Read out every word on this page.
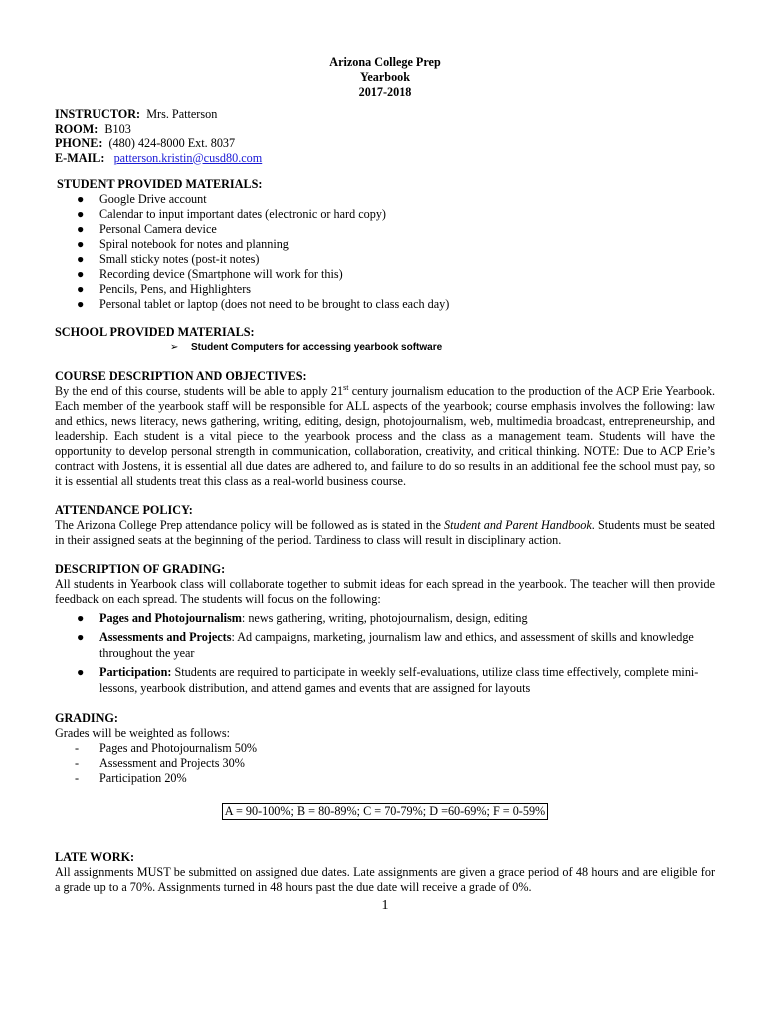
Arizona College Prep
Yearbook
2017-2018
INSTRUCTOR: Mrs. Patterson
ROOM: B103
PHONE: (480) 424-8000 Ext. 8037
E-MAIL: patterson.kristin@cusd80.com
STUDENT PROVIDED MATERIALS:
● Google Drive account
● Calendar to input important dates (electronic or hard copy)
● Personal Camera device
● Spiral notebook for notes and planning
● Small sticky notes (post-it notes)
● Recording device (Smartphone will work for this)
● Pencils, Pens, and Highlighters
● Personal tablet or laptop (does not need to be brought to class each day)
SCHOOL PROVIDED MATERIALS:
➢ Student Computers for accessing yearbook software
COURSE DESCRIPTION AND OBJECTIVES:

By the end of this course, students will be able to apply 21st century journalism education to the production of the ACP Erie Yearbook. Each member of the yearbook staff will be responsible for ALL aspects of the yearbook; course emphasis involves the following: law and ethics, news literacy, news gathering, writing, editing, design, photojournalism, web, multimedia broadcast, entrepreneurship, and leadership. Each student is a vital piece to the yearbook process and the class as a management team. Students will have the opportunity to develop personal strength in communication, collaboration, creativity, and critical thinking. NOTE: Due to ACP Erie’s contract with Jostens, it is essential all due dates are adhered to, and failure to do so results in an additional fee the school must pay, so it is essential all students treat this class as a real-world business course.

ATTENDANCE POLICY:

The Arizona College Prep attendance policy will be followed as is stated in the Student and Parent Handbook. Students must be seated in their assigned seats at the beginning of the period. Tardiness to class will result in disciplinary action.

DESCRIPTION OF GRADING:

All students in Yearbook class will collaborate together to submit ideas for each spread in the yearbook. The teacher will then provide feedback on each spread. The students will focus on the following:

● Pages and Photojournalism: news gathering, writing, photojournalism, design, editing
● Assessments and Projects: Ad campaigns, marketing, journalism law and ethics, and assessment of skills and knowledge throughout the year
● Participation: Students are required to participate in weekly self-evaluations, utilize class time effectively, complete mini-lessons, yearbook distribution, and attend games and events that are assigned for layouts
GRADING:
Grades will be weighted as follows:
- Pages and Photojournalism 50%
- Assessment and Projects 30%
- Participation 20%
A = 90-100%; B = 80-89%; C = 70-79%; D =60-69%; F = 0-59%
LATE WORK:

All assignments MUST be submitted on assigned due dates. Late assignments are given a grace period of 48 hours and are eligible for a grade up to a 70%. Assignments turned in 48 hours past the due date will receive a grade of 0%.

1
